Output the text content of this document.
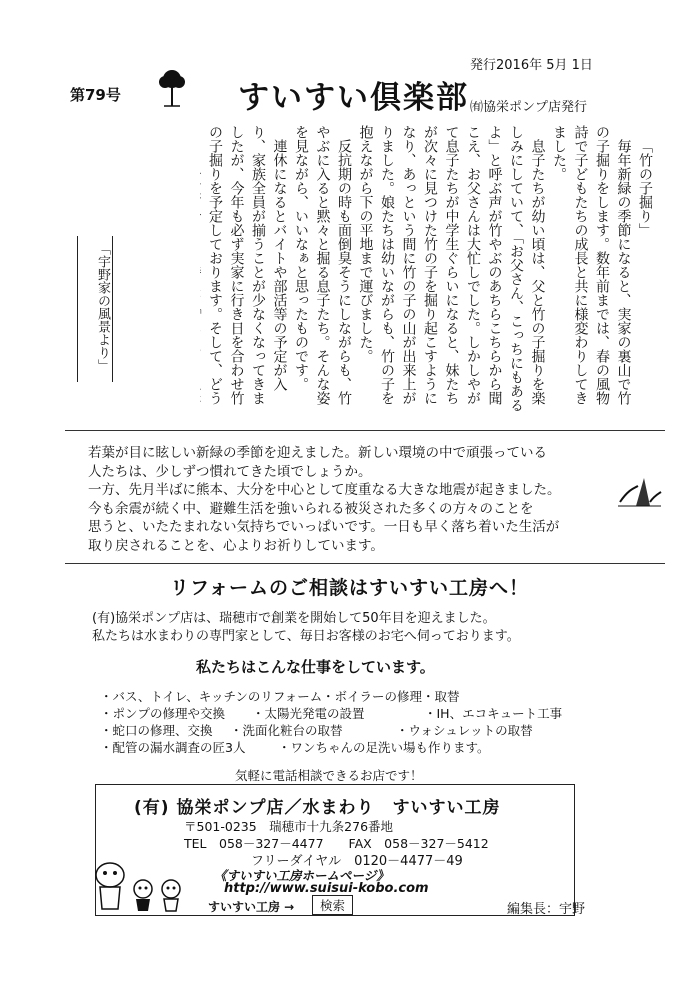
第79号	すいすい倶楽部
発行2016年 5月 1日
㈲協栄ポンプ店発行

「竹の子掘り」

毎年新緑の季節になると、実家の裏山で竹の子掘りをします。数年前までは、春の風物詩で子どもたちの成長と共に様変わりしてきました。

息子たちが幼い頃は、父と竹の子掘りを楽しみにしていて、「お父さん、こっちにもあるよ」と呼ぶ声が竹やぶのあちらこちらから聞こえ、お父さんは大忙しでした。しかしやがて息子たちが中学生ぐらいになると、妹たちが次々に見つけた竹の子を掘り起こすようになり、あっという間に竹の子の山が出来上がりました。娘たちは幼いながらも、竹の子を抱えながら下の平地まで運びました。

反抗期の時も面倒臭そうにしながらも、竹やぶに入ると黙々と掘る息子たち。そんな姿を見ながら、いいなぁと思ったものです。

連休になるとバイトや部活等の予定が入り、家族全員が揃うことが少なくなってきましたが、今年も必ず実家に行き日を合わせ竹の子掘りを予定しております。そして、どう

「宇野家の風景より」

若葉が目に眩しい新緑の季節を迎えました。新しい環境の中で頑張っている

人たちは、少しずつ慣れてきた頃でしょうか。

一方、先月半ばに熊本、大分を中心として度重なる大きな地震が起きました。

今も余震が続く中、避難生活を強いられる被災された多くの方々のことを

思うと、いたたまれない気持ちでいっぱいです。一日も早く落ち着いた生活が

取り戻されることを、心よりお祈りしています。

リフォームのご相談はすいすい工房へ！

(有)協栄ポンプ店は、瑞穂市で創業を開始して50年目を迎えました。

私たちは水まわりの専門家として、毎日お客様のお宅へ伺っております。

私たちはこんな仕事をしています。
・バス、トイレ、キッチンのリフォーム・ボイラーの修理・取替
・ポンプの修理や交換 ・太陽光発電の設置	・IH、エコキュート工事
・蛇口の修理、交換 ・洗面化粧台の取替	・ウォシュレットの取替
・配管の漏水調査の匠3人	・ワンちゃんの足洗い場も作ります。
気軽に電話相談できるお店です！
(有) 協栄ポンプ店／水まわり　すいすい工房
〒501-0235　瑞穂市十九条276番地
TEL　058－327－4477　　FAX　058－327－5412
フリーダイヤル　0120－4477－49
《すいすい工房ホームページ》
http://www.suisui-kobo.com
すいすい工房 →	検索	編集長：宇野
